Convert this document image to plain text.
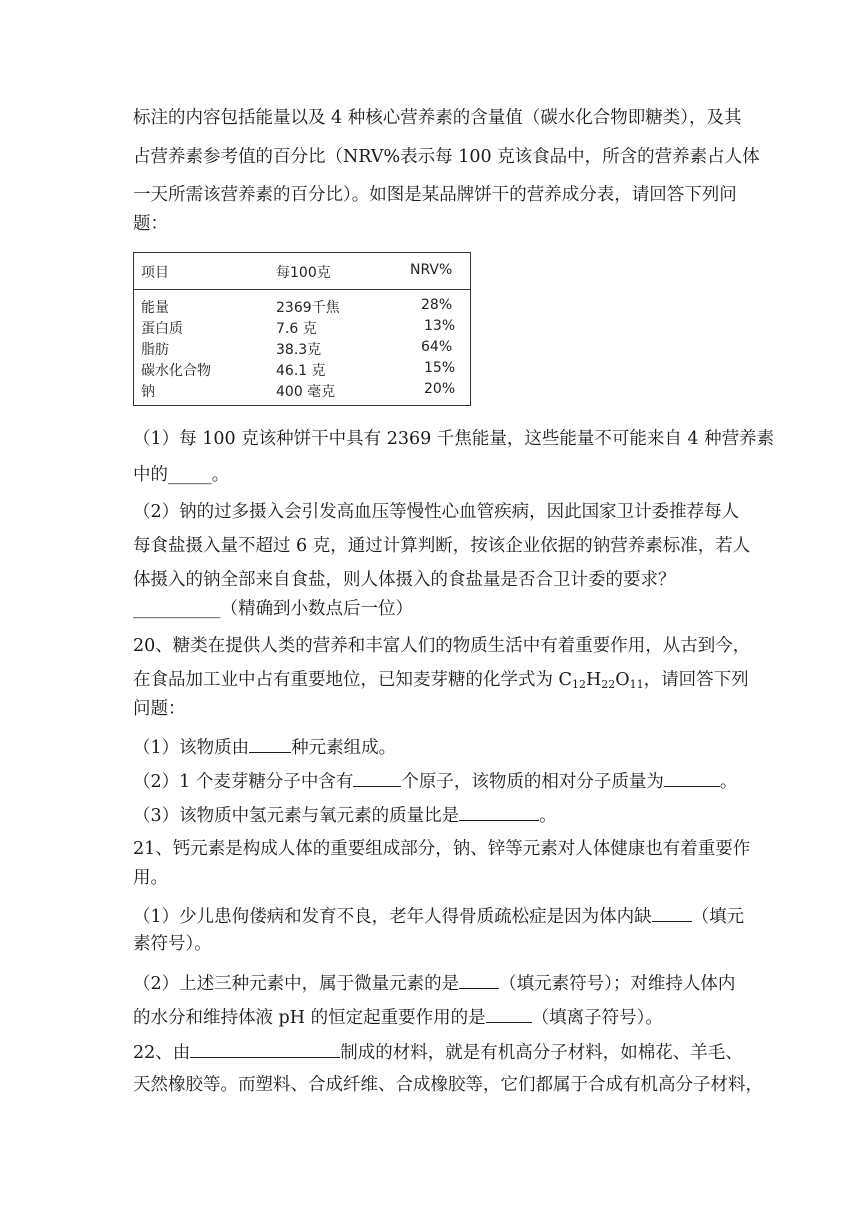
标注的内容包括能量以及 4 种核心营养素的含量值（碳水化合物即糖类），及其
占营养素参考值的百分比（NRV%表示每 100 克该食品中，所含的营养素占人体
一天所需该营养素的百分比）。如图是某品牌饼干的营养成分表，请回答下列问
题：
项目	每100克	NRV%
能量	2369千焦	28%
蛋白质	7.6 克	13%
脂肪	38.3克	64%
碳水化合物	46.1 克	15%
钠	400 毫克	20%
（1）每 100 克该种饼干中具有 2369 千焦能量，这些能量不可能来自 4 种营养素
中的_____。
（2）钠的过多摄入会引发高血压等慢性心血管疾病，因此国家卫计委推荐每人
每食盐摄入量不超过 6 克，通过计算判断，按该企业依据的钠营养素标准，若人
体摄入的钠全部来自食盐，则人体摄入的食盐量是否合卫计委的要求？
__________（精确到小数点后一位）
20、糖类在提供人类的营养和丰富人们的物质生活中有着重要作用，从古到今，
在食品加工业中占有重要地位，已知麦芽糖的化学式为 $C_{12}H_{22}O_{11}$，请回答下列
问题：
（1）该物质由 种元素组成。
（2）1 个麦芽糖分子中含有	个原子，该物质的相对分子质量为	。
（3）该物质中氢元素与氧元素的质量比是	。
21、钙元素是构成人体的重要组成部分，钠、锌等元素对人体健康也有着重要作
用。
（1）少儿患佝偻病和发育不良，老年人得骨质疏松症是因为体内缺 （填元
素符号）。
（2）上述三种元素中，属于微量元素的是 （填元素符号）；对维持人体内
的水分和维持体液 pH 的恒定起重要作用的是	（填离子符号）。
22、由	制成的材料，就是有机高分子材料，如棉花、羊毛、
天然橡胶等。而塑料、合成纤维、合成橡胶等，它们都属于合成有机高分子材料，
